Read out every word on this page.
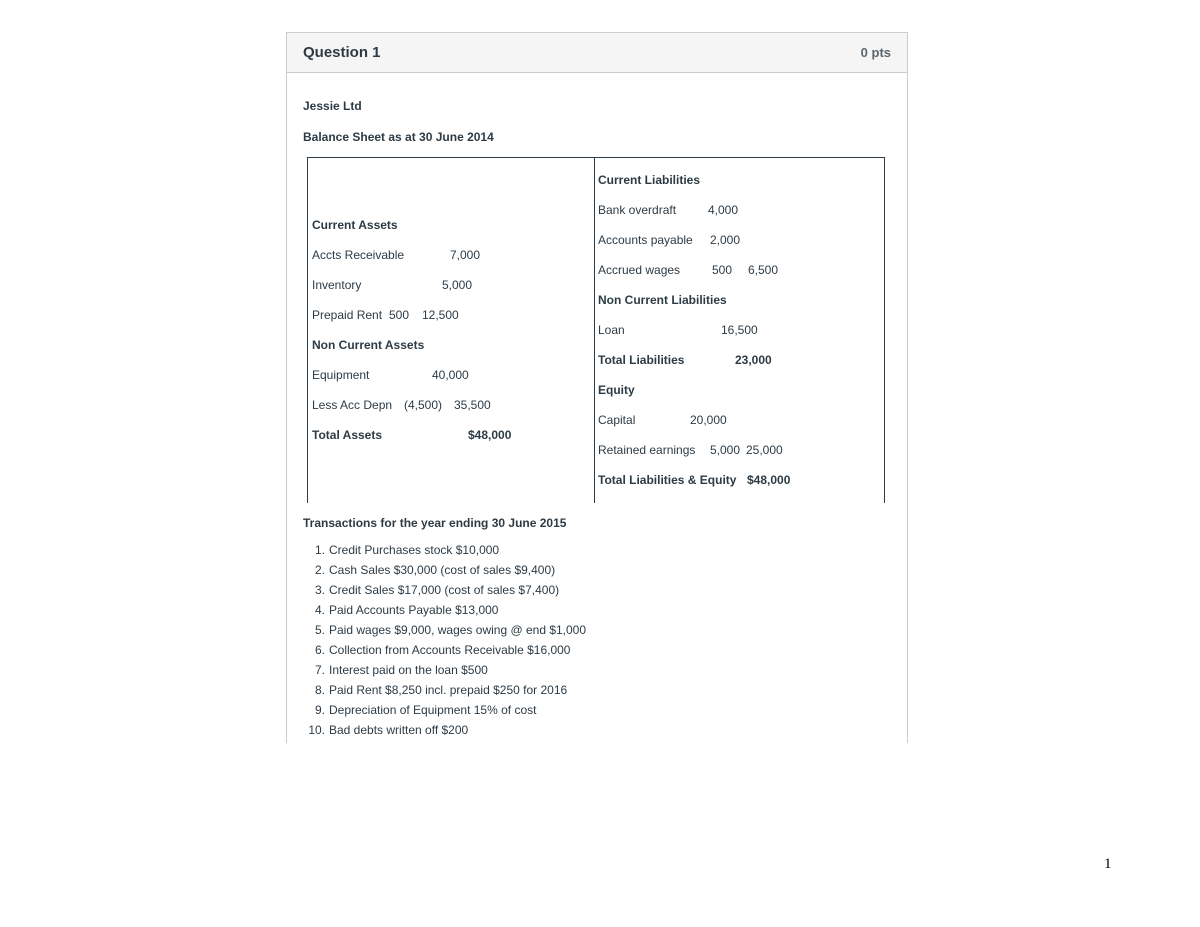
Question 1	0 pts
Jessie Ltd
Balance Sheet as at 30 June 2014
Current Assets
Accts Receivable	7,000
Inventory	5,000
Prepaid Rent 500 12,500
Non Current Assets
Equipment	40,000
Less Acc Depn (4,500) 35,500
Total Assets	$48,000
Current Liabilities
Bank overdraft	4,000
Accounts payable 2,000
Accrued wages	500 6,500
Non Current Liabilities
Loan	16,500
Total Liabilities	23,000
Equity
Capital	20,000
Retained earnings 5,000 25,000
Total Liabilities & Equity $48,000
Transactions for the year ending 30 June 2015
1. Credit Purchases stock $10,000
2. Cash Sales $30,000 (cost of sales $9,400)
3. Credit Sales $17,000 (cost of sales $7,400)
4. Paid Accounts Payable $13,000
5. Paid wages $9,000, wages owing @ end $1,000
6. Collection from Accounts Receivable $16,000
7. Interest paid on the loan $500
8. Paid Rent $8,250 incl. prepaid $250 for 2016
9. Depreciation of Equipment 15% of cost
10. Bad debts written off $200
1
